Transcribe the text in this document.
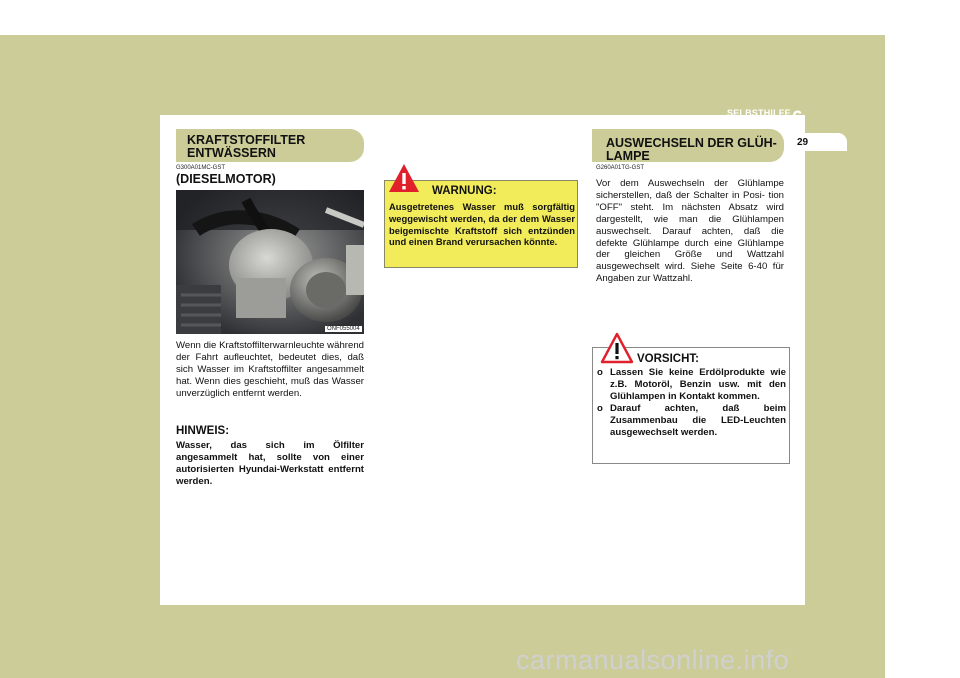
SELBSTHILFE 6
29
KRAFTSTOFFILTER
ENTWÄSSERN
G300A01MC-GST
(DIESELMOTOR)
ONF055004
Wenn die Kraftstoffilterwarnleuchte während der Fahrt aufleuchtet, bedeutet dies, daß sich Wasser im Kraftstoffilter angesammelt hat. Wenn dies geschieht, muß das Wasser unverzüglich entfernt werden.
HINWEIS:
Wasser, das sich im Ölfilter angesammelt hat, sollte von einer autorisierten Hyundai-Werkstatt entfernt werden.
WARNUNG:
Ausgetretenes Wasser muß sorgfältig weggewischt werden, da der dem Wasser beigemischte Kraftstoff sich entzünden und einen Brand verursachen könnte.
AUSWECHSELN DER GLÜH-
LAMPE
G260A01TG-GST
Vor dem Auswechseln der Glühlampe sicherstellen, daß der Schalter in Posi- tion "OFF" steht. Im nächsten Absatz wird dargestellt, wie man die Glühlampen auswechselt. Darauf achten, daß die defekte Glühlampe durch eine Glühlampe der gleichen Größe und Wattzahl ausgewechselt wird. Siehe Seite 6-40 für Angaben zur Wattzahl.
VORSICHT:
o Lassen Sie keine Erdölprodukte wie z.B. Motoröl, Benzin usw. mit den Glühlampen in Kontakt kommen.
o Darauf achten, daß beim Zusammenbau die LED-Leuchten ausgewechselt werden.
carmanualsonline.info
